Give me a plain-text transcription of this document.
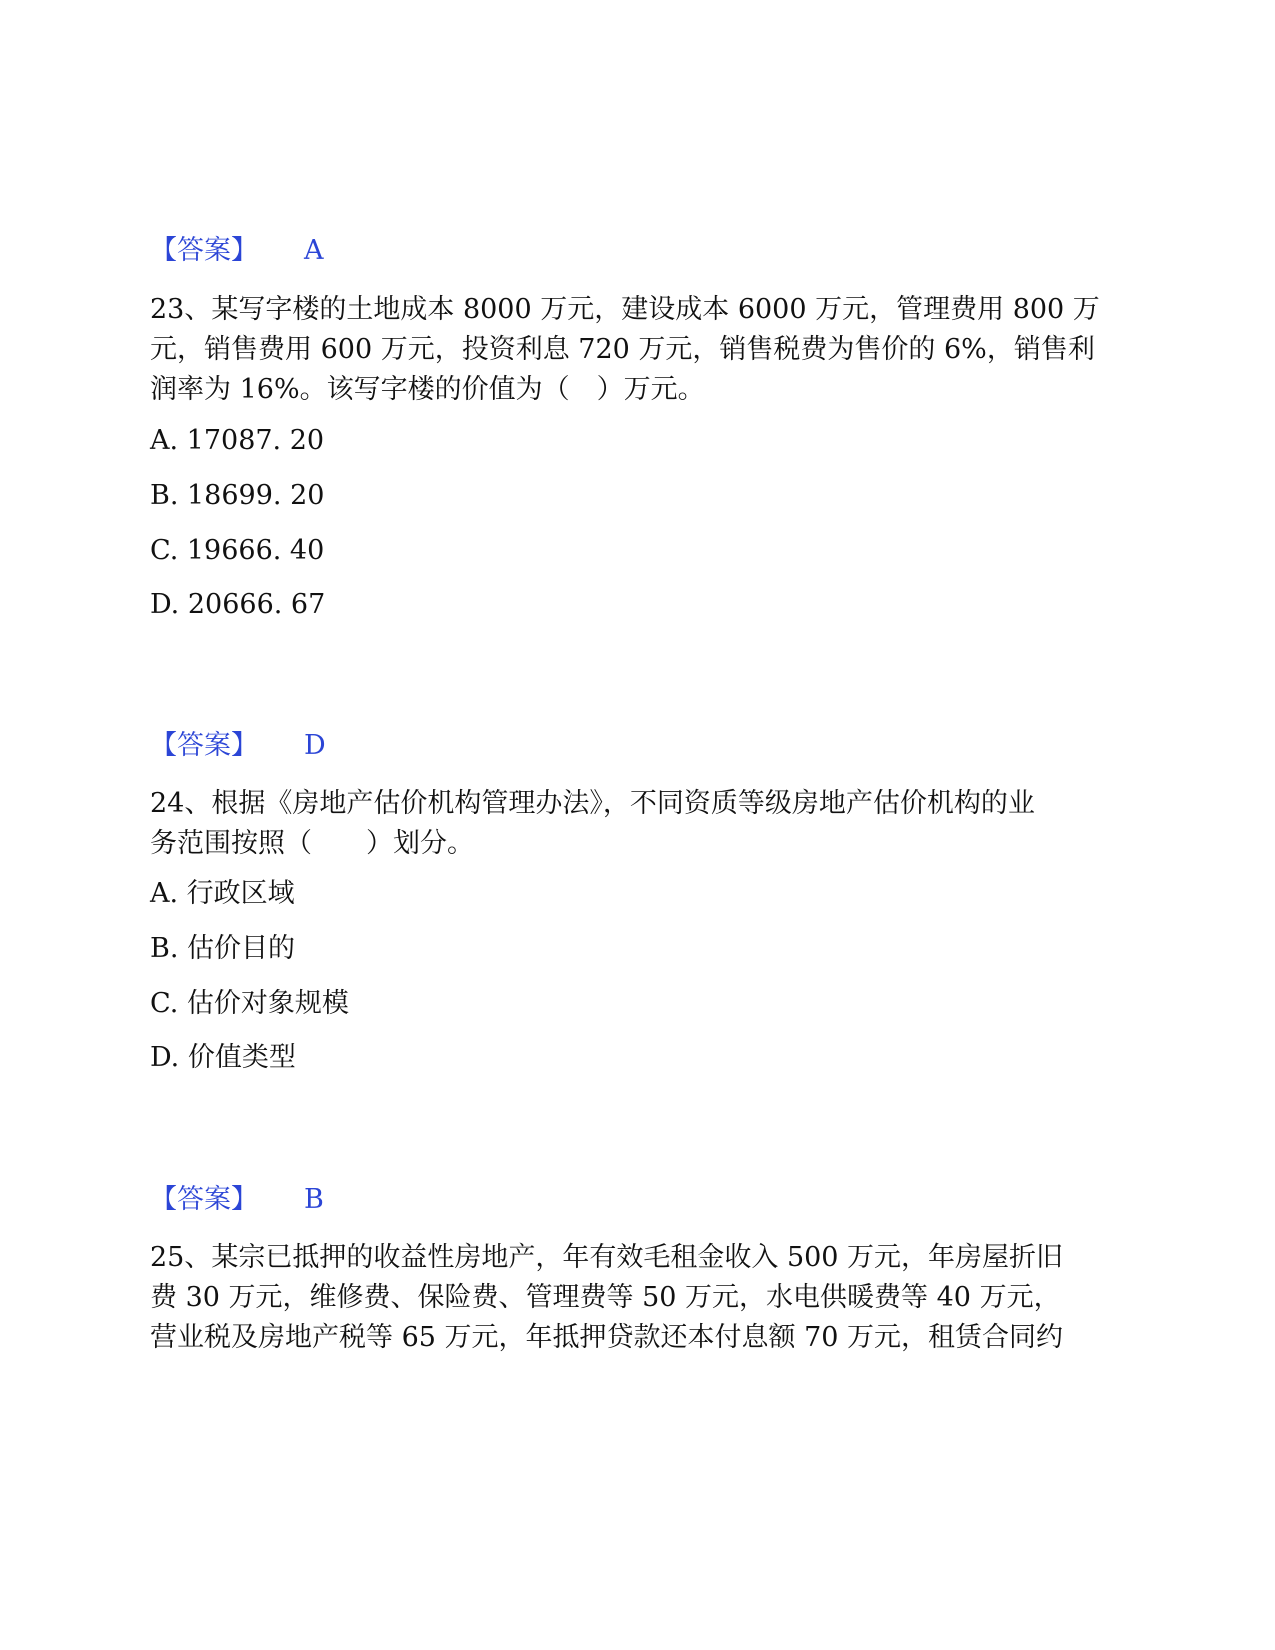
【答案】 A
23、某写字楼的土地成本 8000 万元，建设成本 6000 万元，管理费用 800 万
元，销售费用 600 万元，投资利息 720 万元，销售税费为售价的 6%，销售利
润率为 16%。该写字楼的价值为（　）万元。
A. 17087. 20
B. 18699. 20
C. 19666. 40
D. 20666. 67
【答案】 D
24、根据《房地产估价机构管理办法》，不同资质等级房地产估价机构的业
务范围按照（　　）划分。
A. 行政区域
B. 估价目的
C. 估价对象规模
D. 价值类型
【答案】 B
25、某宗已抵押的收益性房地产，年有效毛租金收入 500 万元，年房屋折旧
费 30 万元，维修费、保险费、管理费等 50 万元，水电供暖费等 40 万元，
营业税及房地产税等 65 万元，年抵押贷款还本付息额 70 万元，租赁合同约
